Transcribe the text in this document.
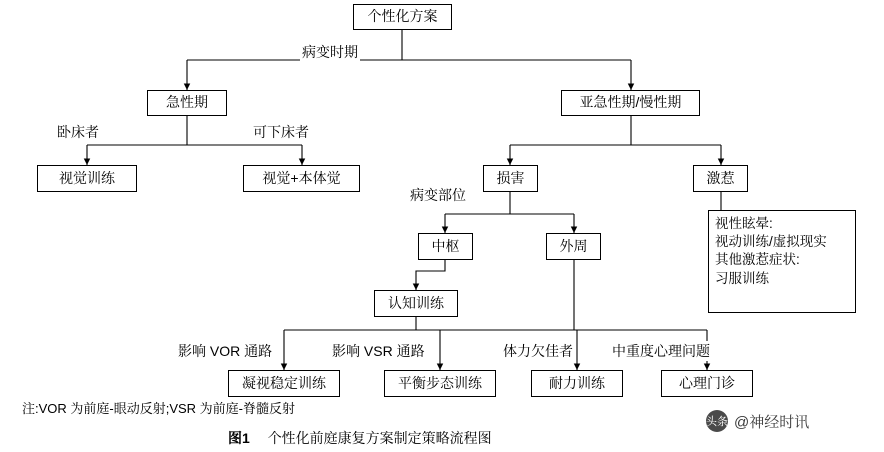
个性化方案
急性期	亚急性期/慢性期
视觉训练	视觉+本体觉	损害	激惹
中枢	外周
认知训练
凝视稳定训练	平衡步态训练	耐力训练	心理门诊
视性眩晕:
视动训练/虚拟现实
其他激惹症状:
习服训练
病变时期
卧床者	可下床者
病变部位
影响 VOR 通路	影响 VSR 通路	体力欠佳者	中重度心理问题
注:VOR 为前庭-眼动反射;VSR 为前庭-脊髓反射
图1 个性化前庭康复方案制定策略流程图
头条 @神经时讯
